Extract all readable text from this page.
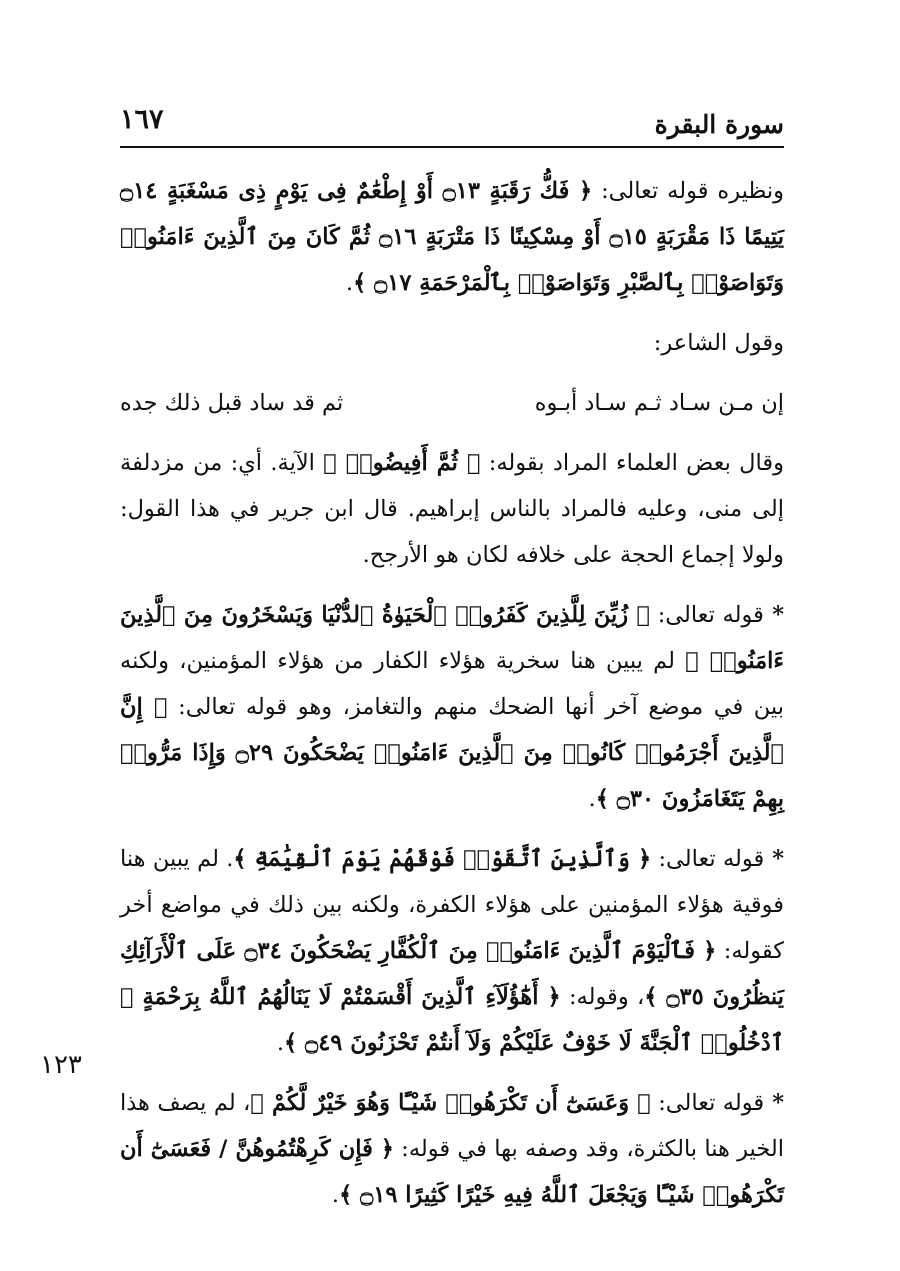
سورة البقرة
١٦٧
١٢٣

ونظيره قوله تعالى: ﴿ فَكُّ رَقَبَةٍ ۝١٣ أَوْ إِطْعَٰمٌ فِى يَوْمٍ ذِى مَسْغَبَةٍ ۝١٤ يَتِيمًا ذَا مَقْرَبَةٍ ۝١٥ أَوْ مِسْكِينًا ذَا مَتْرَبَةٍ ۝١٦ ثُمَّ كَانَ مِنَ ٱلَّذِينَ ءَامَنُوا۟ وَتَوَاصَوْا۟ بِٱلصَّبْرِ وَتَوَاصَوْا۟ بِٱلْمَرْحَمَةِ ۝١٧ ﴾.

وقول الشاعر:

إن مـن سـاد ثـم سـاد أبـوه
ثم قد ساد قبل ذلك جده

وقال بعض العلماء المراد بقوله: ﴿ ثُمَّ أَفِيضُوا۟ ﴾ الآية. أي: من مزدلفة إلى منى، وعليه فالمراد بالناس إبراهيم. قال ابن جرير في هذا القول: ولولا إجماع الحجة على خلافه لكان هو الأرجح.

* قوله تعالى: ﴿ زُيِّنَ لِلَّذِينَ كَفَرُوا۟ ٱلْحَيَوٰةُ ٱلدُّنْيَا وَيَسْخَرُونَ مِنَ ٱلَّذِينَ ءَامَنُوا۟ ﴾ لم يبين هنا سخرية هؤلاء الكفار من هؤلاء المؤمنين، ولكنه بين في موضع آخر أنها الضحك منهم والتغامز، وهو قوله تعالى: ﴿ إِنَّ ٱلَّذِينَ أَجْرَمُوا۟ كَانُوا۟ مِنَ ٱلَّذِينَ ءَامَنُوا۟ يَضْحَكُونَ ۝٢٩ وَإِذَا مَرُّوا۟ بِهِمْ يَتَغَامَزُونَ ۝٣٠ ﴾.

* قوله تعالى: ﴿ وَٱلَّذِينَ ٱتَّقَوْا۟ فَوْقَهُمْ يَوْمَ ٱلْقِيَٰمَةِ ﴾. لم يبين هنا فوقية هؤلاء المؤمنين على هؤلاء الكفرة، ولكنه بين ذلك في مواضع أخر كقوله: ﴿ فَٱلْيَوْمَ ٱلَّذِينَ ءَامَنُوا۟ مِنَ ٱلْكُفَّارِ يَضْحَكُونَ ۝٣٤ عَلَى ٱلْأَرَآئِكِ يَنظُرُونَ ۝٣٥ ﴾، وقوله: ﴿ أَهَٰٓؤُلَآءِ ٱلَّذِينَ أَقْسَمْتُمْ لَا يَنَالُهُمُ ٱللَّهُ بِرَحْمَةٍ ۚ ٱدْخُلُوا۟ ٱلْجَنَّةَ لَا خَوْفٌ عَلَيْكُمْ وَلَآ أَنتُمْ تَحْزَنُونَ ۝٤٩ ﴾.

* قوله تعالى: ﴿ وَعَسَىٰٓ أَن تَكْرَهُوا۟ شَيْـًٔا وَهُوَ خَيْرٌ لَّكُمْ ﴾، لم يصف هذا الخير هنا بالكثرة، وقد وصفه بها في قوله: ﴿ فَإِن كَرِهْتُمُوهُنَّ / فَعَسَىٰٓ أَن تَكْرَهُوا۟ شَيْـًٔا وَيَجْعَلَ ٱللَّهُ فِيهِ خَيْرًا كَثِيرًا ۝١٩ ﴾.
